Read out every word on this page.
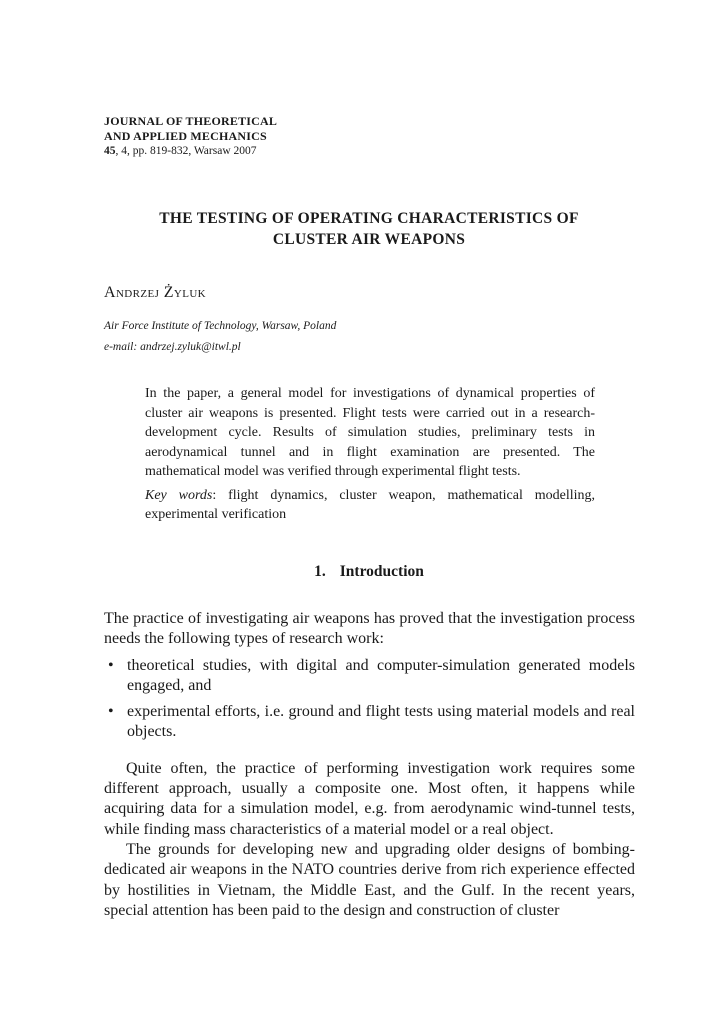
JOURNAL OF THEORETICAL
AND APPLIED MECHANICS
45, 4, pp. 819-832, Warsaw 2007
THE TESTING OF OPERATING CHARACTERISTICS OF
CLUSTER AIR WEAPONS
Andrzej Żyluk
Air Force Institute of Technology, Warsaw, Poland
e-mail: andrzej.zyluk@itwl.pl

In the paper, a general model for investigations of dynamical properties of cluster air weapons is presented. Flight tests were carried out in a research-development cycle. Results of simulation studies, preliminary tests in aerodynamical tunnel and in flight examination are presented. The mathematical model was verified through experimental flight tests.

Key words: flight dynamics, cluster weapon, mathematical modelling, experimental verification

1. Introduction

The practice of investigating air weapons has proved that the investigation process needs the following types of research work:

• theoretical studies, with digital and computer-simulation generated models engaged, and
• experimental efforts, i.e. ground and flight tests using material models and real objects.

Quite often, the practice of performing investigation work requires some different approach, usually a composite one. Most often, it happens while acquiring data for a simulation model, e.g. from aerodynamic wind-tunnel tests, while finding mass characteristics of a material model or a real object.

The grounds for developing new and upgrading older designs of bombing-dedicated air weapons in the NATO countries derive from rich experience effected by hostilities in Vietnam, the Middle East, and the Gulf. In the recent years, special attention has been paid to the design and construction of cluster
